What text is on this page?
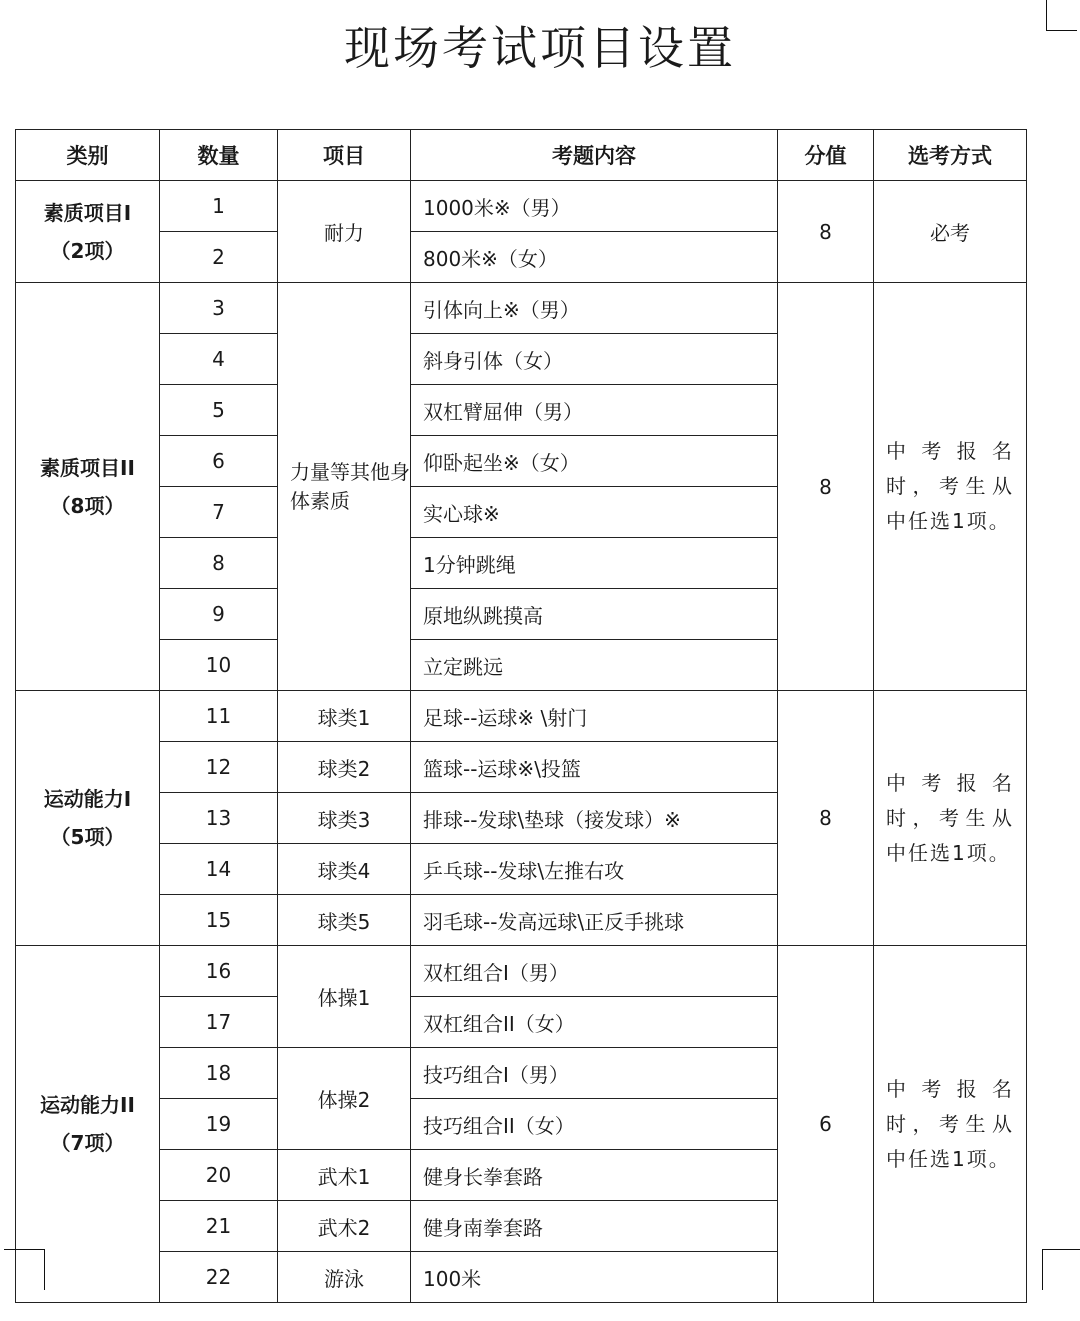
现场考试项目设置
类别	数量	项目	考题内容	分值	选考方式

素质项目I
（2项）	1	耐力	1000米※（男）	8	必考
	2		800米※（女）		

素质项目II
（8项）	3	力量等其他身体素质	引体向上※（男）	8	中考报名时，考生从中任选1项。
	4		斜身引体（女）		
	5		双杠臂屈伸（男）		
	6		仰卧起坐※（女）		
	7		实心球※		
	8		1分钟跳绳		
	9		原地纵跳摸高		
	10		立定跳远		

运动能力I
（5项）	11	球类1	足球--运球※ \射门	8	中考报名时，考生从中任选1项。
	12	球类2	篮球--运球※\投篮		
	13	球类3	排球--发球\垫球（接发球）※		
	14	球类4	乒乓球--发球\左推右攻		
	15	球类5	羽毛球--发高远球\正反手挑球		

运动能力II
（7项）	16	体操1	双杠组合I（男）	6	中考报名时，考生从中任选1项。
	17		双杠组合II（女）		
	18	体操2	技巧组合I（男）		
	19		技巧组合II（女）		
	20	武术1	健身长拳套路		
	21	武术2	健身南拳套路		
	22	游泳	100米		
